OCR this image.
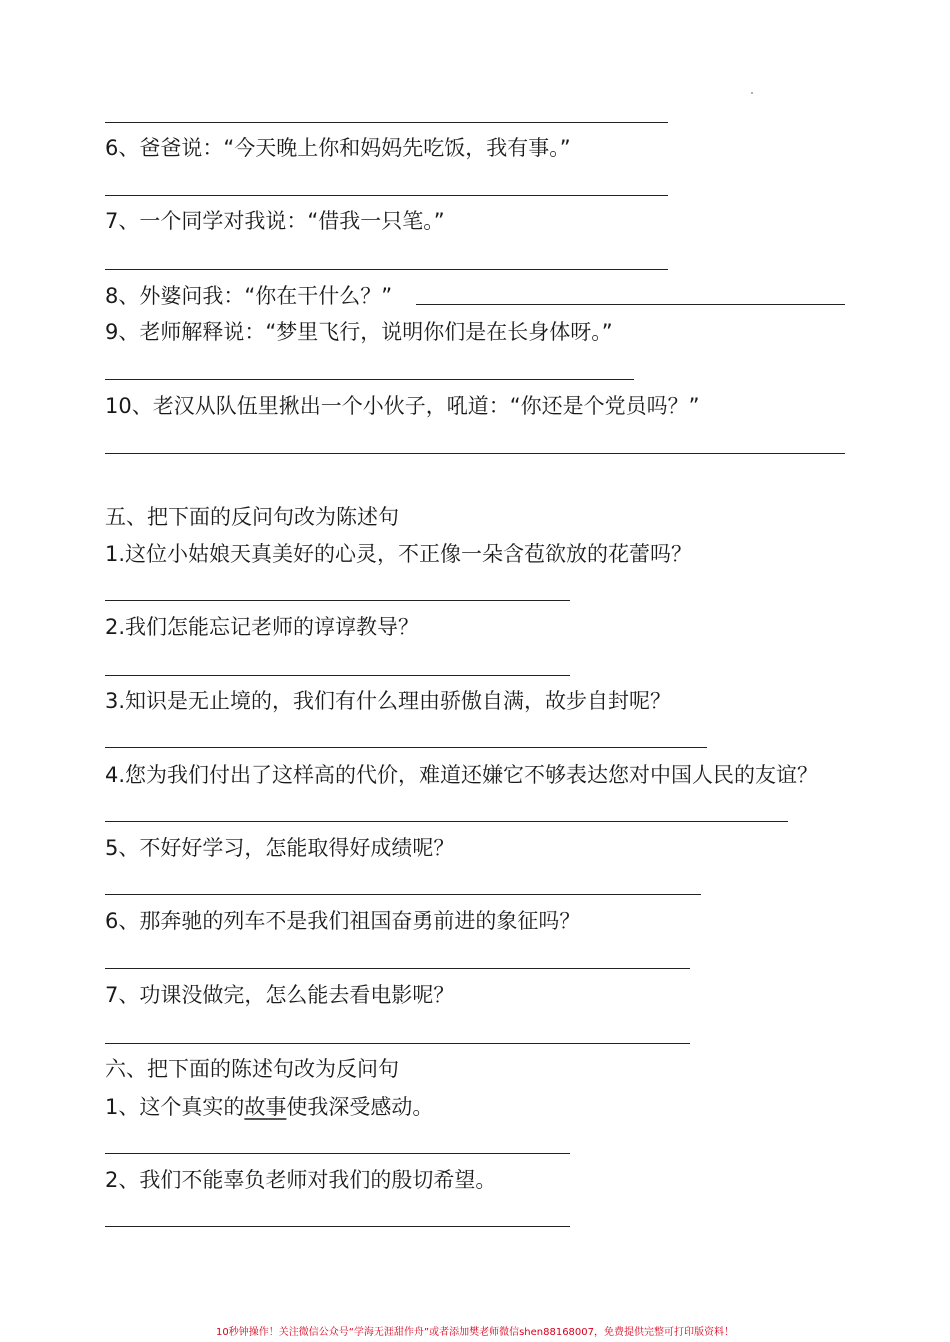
6、爸爸说：“今天晚上你和妈妈先吃饭，我有事。”
7、一个同学对我说：“借我一只笔。”
8、外婆问我：“你在干什么？”
9、老师解释说：“梦里飞行，说明你们是在长身体呀。”
10、老汉从队伍里揪出一个小伙子，吼道：“你还是个党员吗？”
五、把下面的反问句改为陈述句
1.这位小姑娘天真美好的心灵，不正像一朵含苞欲放的花蕾吗？
2.我们怎能忘记老师的谆谆教导？
3.知识是无止境的，我们有什么理由骄傲自满，故步自封呢？
4.您为我们付出了这样高的代价，难道还嫌它不够表达您对中国人民的友谊？
5、不好好学习，怎能取得好成绩呢？
6、那奔驰的列车不是我们祖国奋勇前进的象征吗？
7、功课没做完，怎么能去看电影呢？
六、把下面的陈述句改为反问句
1、这个真实的故事使我深受感动。
2、我们不能辜负老师对我们的殷切希望。
10秒钟操作！关注微信公众号“学海无涯甜作舟”或者添加樊老师微信shen88168007，免费提供完整可打印版资料！
